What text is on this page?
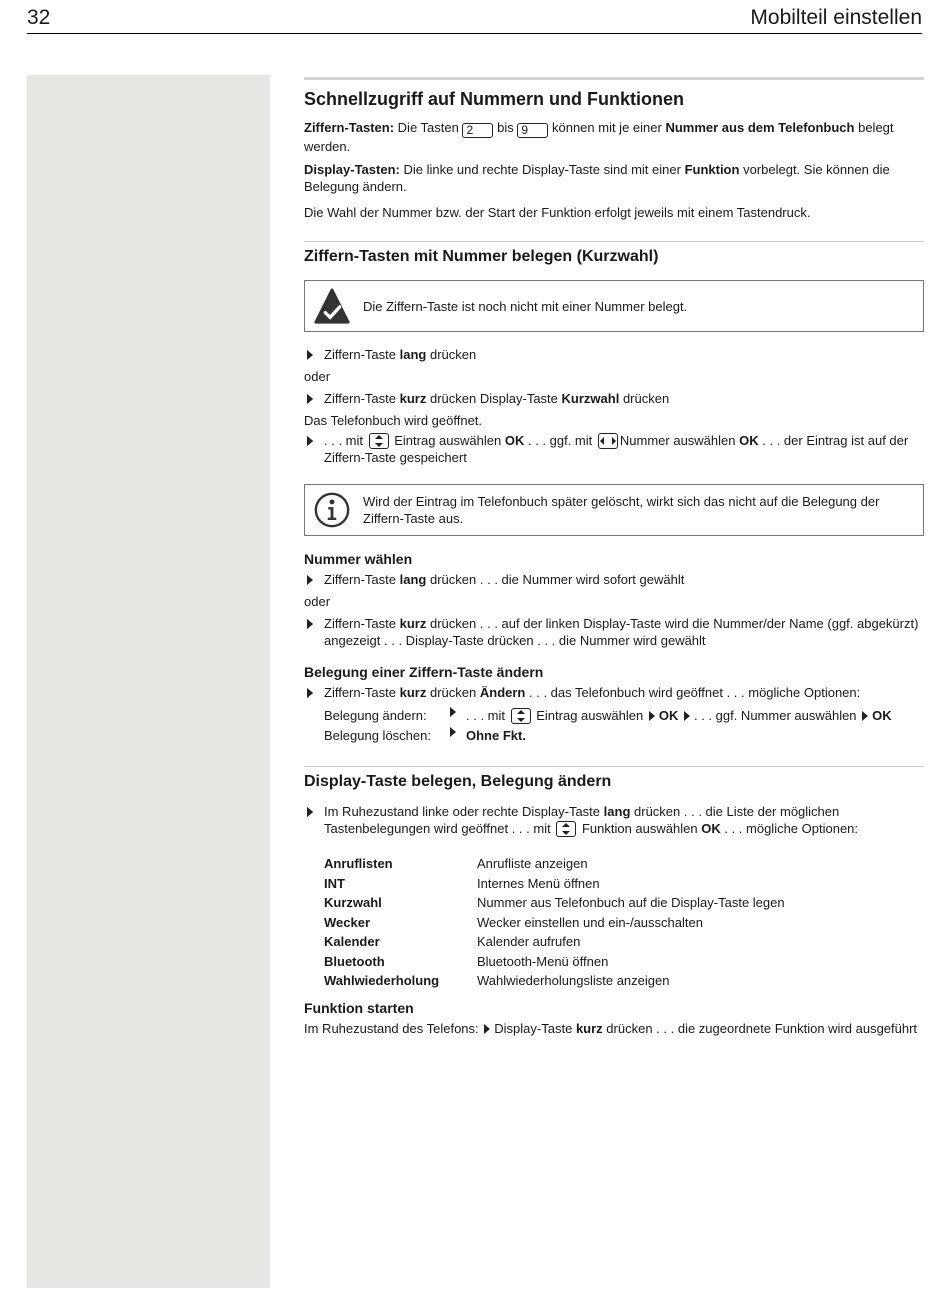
32	Mobilteil einstellen
Schnellzugriff auf Nummern und Funktionen

Ziffern-Tasten: Die Tasten 2 bis 9 können mit je einer Nummer aus dem Telefonbuch belegt werden.

Display-Tasten: Die linke und rechte Display-Taste sind mit einer Funktion vorbelegt. Sie können die Belegung ändern.

Die Wahl der Nummer bzw. der Start der Funktion erfolgt jeweils mit einem Tastendruck.

Ziffern-Tasten mit Nummer belegen (Kurzwahl)
Die Ziffern-Taste ist noch nicht mit einer Nummer belegt.
Ziffern-Taste lang drücken
oder
Ziffern-Taste kurz drücken Display-Taste Kurzwahl drücken
Das Telefonbuch wird geöffnet.
. . . mit Eintrag auswählen OK . . . ggf. mit Nummer auswählen OK . . . der Eintrag ist auf der Ziffern-Taste gespeichert
Wird der Eintrag im Telefonbuch später gelöscht, wirkt sich das nicht auf die Belegung der Ziffern-Taste aus.
Nummer wählen
Ziffern-Taste lang drücken . . . die Nummer wird sofort gewählt
oder
Ziffern-Taste kurz drücken . . . auf der linken Display-Taste wird die Nummer/der Name (ggf. abgekürzt) angezeigt . . . Display-Taste drücken . . . die Nummer wird gewählt
Belegung einer Ziffern-Taste ändern
Ziffern-Taste kurz drücken Ändern . . . das Telefonbuch wird geöffnet . . . mögliche Optionen:
Belegung ändern:	. . . mit Eintrag auswählen OK . . . ggf. Nummer auswählen OK
Belegung löschen:	Ohne Fkt.
Display-Taste belegen, Belegung ändern
Im Ruhezustand linke oder rechte Display-Taste lang drücken . . . die Liste der möglichen Tastenbelegungen wird geöffnet . . . mit Funktion auswählen OK . . . mögliche Optionen:
Anruflisten	Anrufliste anzeigen
INT	Internes Menü öffnen
Kurzwahl	Nummer aus Telefonbuch auf die Display-Taste legen
Wecker	Wecker einstellen und ein-/ausschalten
Kalender	Kalender aufrufen
Bluetooth	Bluetooth-Menü öffnen
Wahlwiederholung	Wahlwiederholungsliste anzeigen
Funktion starten
Im Ruhezustand des Telefons: Display-Taste kurz drücken . . . die zugeordnete Funktion wird ausgeführt
